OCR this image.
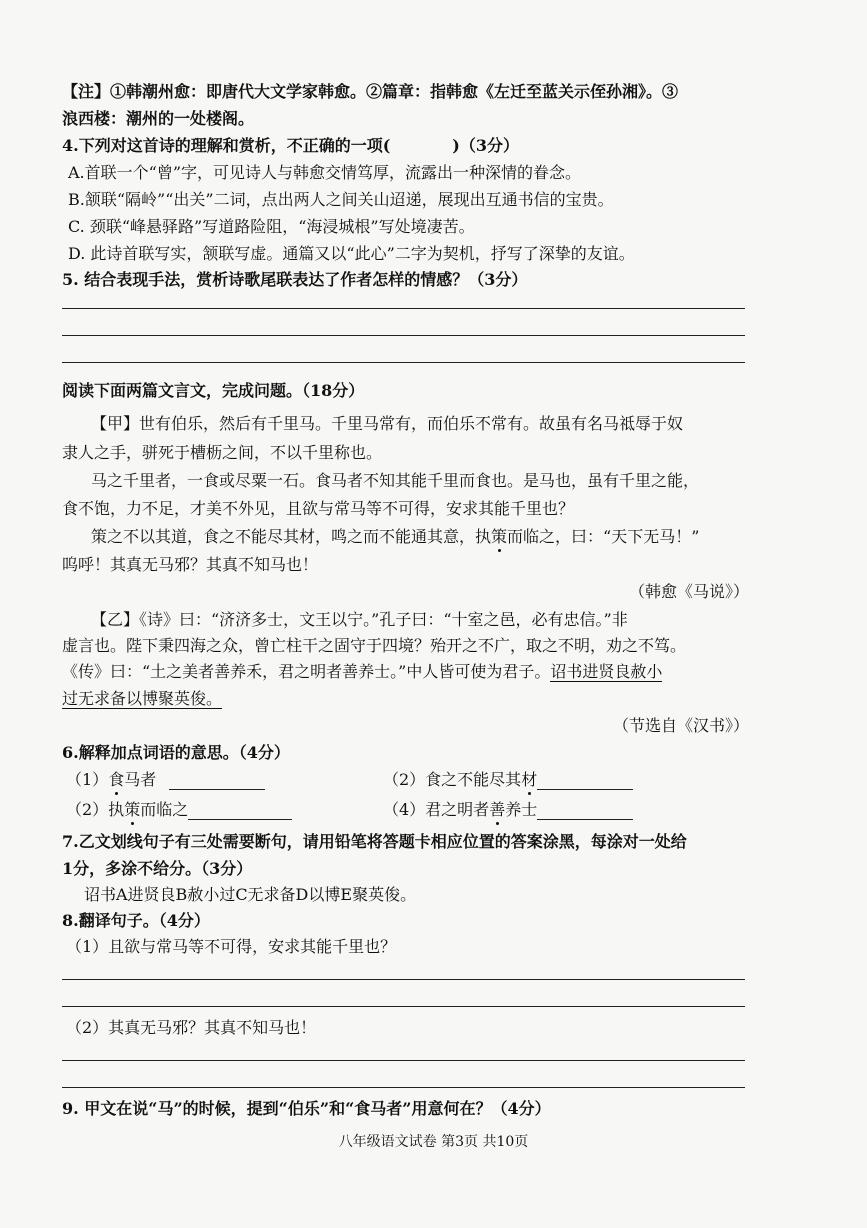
【注】①韩潮州愈：即唐代大文学家韩愈。②篇章：指韩愈《左迁至蓝关示侄孙湘》。③
浪西楼：潮州的一处楼阁。
4.下列对这首诗的理解和赏析，不正确的一项(	)（3分）
A.首联一个“曾”字，可见诗人与韩愈交情笃厚，流露出一种深情的眷念。
B.颔联“隔岭”“出关”二词，点出两人之间关山迢递，展现出互通书信的宝贵。
C. 颈联“峰悬驿路”写道路险阻，“海浸城根”写处境凄苦。
D. 此诗首联写实，颔联写虚。通篇又以“此心”二字为契机，抒写了深挚的友谊。
5. 结合表现手法，赏析诗歌尾联表达了作者怎样的情感？（3分）
阅读下面两篇文言文，完成问题。（18分）
【甲】世有伯乐，然后有千里马。千里马常有，而伯乐不常有。故虽有名马祗辱于奴
隶人之手，骈死于槽枥之间，不以千里称也。
马之千里者，一食或尽粟一石。食马者不知其能千里而食也。是马也，虽有千里之能，
食不饱，力不足，才美不外见，且欲与常马等不可得，安求其能千里也？
策之不以其道，食之不能尽其材，鸣之而不能通其意，执策而临之，曰：“天下无马！”
呜呼！其真无马邪？其真不知马也！
（韩愈《马说》）
【乙】《诗》曰：“济济多士，文王以宁。”孔子曰：“十室之邑，必有忠信。”非
虚言也。陛下秉四海之众，曾亡柱干之固守于四境？殆开之不广，取之不明，劝之不笃。
《传》曰：“土之美者善养禾，君之明者善养士。”中人皆可使为君子。诏书进贤良赦小
过无求备以博聚英俊。
（节选自《汉书》）
6.解释加点词语的意思。（4分）
（1）食马者	（2）食之不能尽其材
（2）执策而临之	（4）君之明者善养士
7.乙文划线句子有三处需要断句，请用铅笔将答题卡相应位置的答案涂黑，每涂对一处给
1分，多涂不给分。（3分）
诏书A进贤良B赦小过C无求备D以博E聚英俊。
8.翻译句子。（4分）
（1）且欲与常马等不可得，安求其能千里也？
（2）其真无马邪？其真不知马也！
9. 甲文在说“马”的时候，提到“伯乐”和“食马者”用意何在？（4分）
八年级语文试卷 第3页 共10页
